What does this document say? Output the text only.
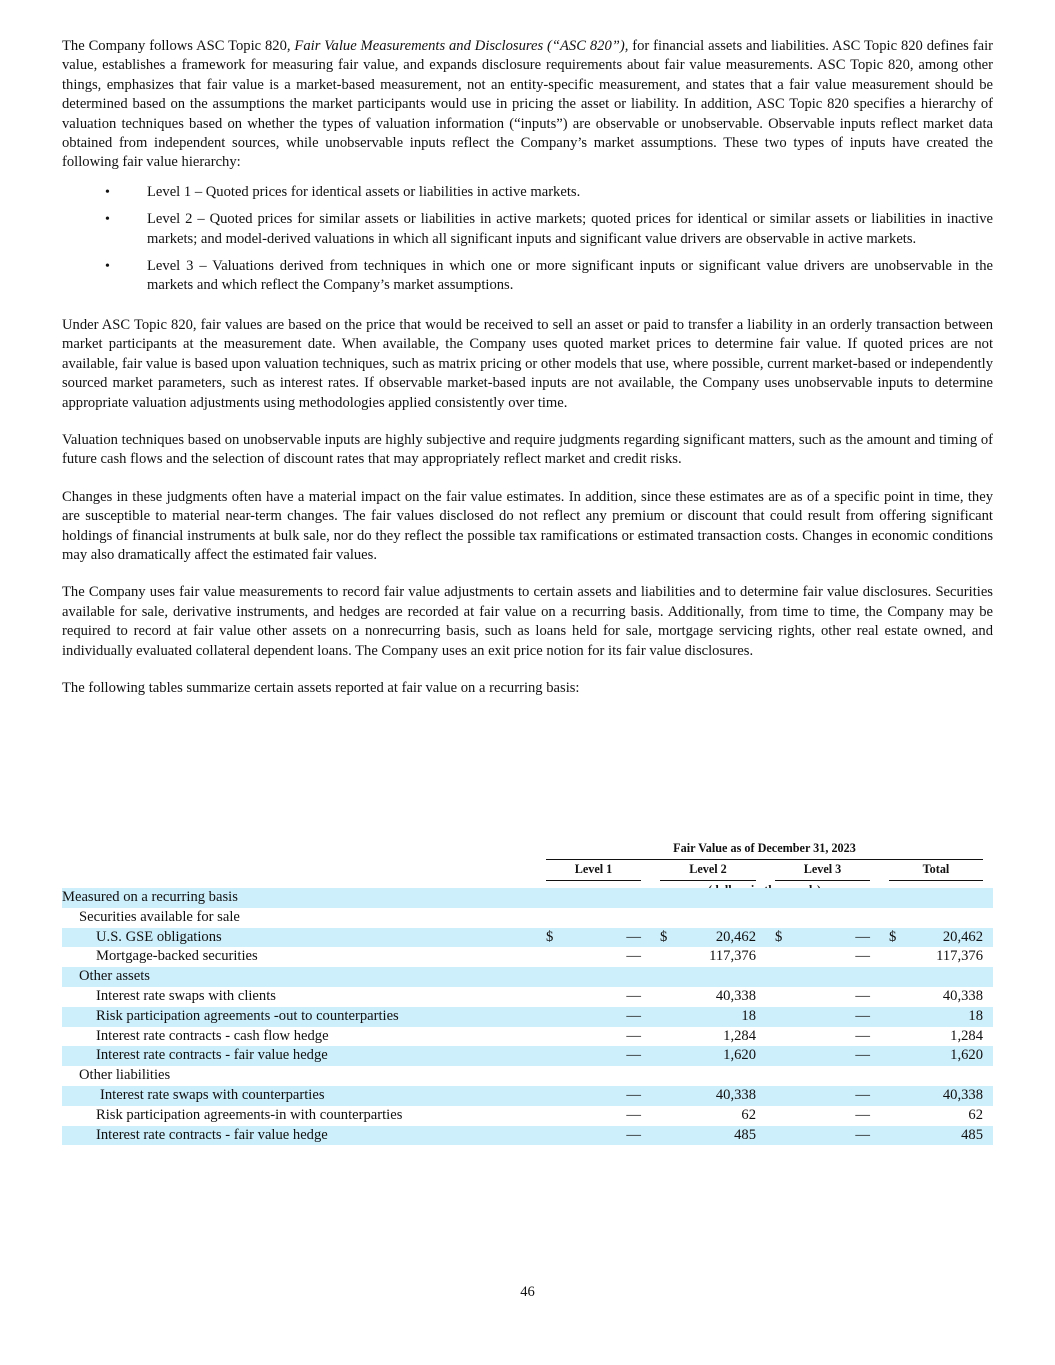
The Company follows ASC Topic 820, Fair Value Measurements and Disclosures (“ASC 820”), for financial assets and liabilities. ASC Topic 820 defines fair value, establishes a framework for measuring fair value, and expands disclosure requirements about fair value measurements. ASC Topic 820, among other things, emphasizes that fair value is a market-based measurement, not an entity-specific measurement, and states that a fair value measurement should be determined based on the assumptions the market participants would use in pricing the asset or liability. In addition, ASC Topic 820 specifies a hierarchy of valuation techniques based on whether the types of valuation information (“inputs”) are observable or unobservable. Observable inputs reflect market data obtained from independent sources, while unobservable inputs reflect the Company’s market assumptions. These two types of inputs have created the following fair value hierarchy:

•	Level 1 – Quoted prices for identical assets or liabilities in active markets.
•	Level 2 – Quoted prices for similar assets or liabilities in active markets; quoted prices for identical or similar assets or liabilities in inactive markets; and model-derived valuations in which all significant inputs and significant value drivers are observable in active markets.
•	Level 3 – Valuations derived from techniques in which one or more significant inputs or significant value drivers are unobservable in the markets and which reflect the Company’s market assumptions.

Under ASC Topic 820, fair values are based on the price that would be received to sell an asset or paid to transfer a liability in an orderly transaction between market participants at the measurement date. When available, the Company uses quoted market prices to determine fair value. If quoted prices are not available, fair value is based upon valuation techniques, such as matrix pricing or other models that use, where possible, current market-based or independently sourced market parameters, such as interest rates. If observable market-based inputs are not available, the Company uses unobservable inputs to determine appropriate valuation adjustments using methodologies applied consistently over time.

Valuation techniques based on unobservable inputs are highly subjective and require judgments regarding significant matters, such as the amount and timing of future cash flows and the selection of discount rates that may appropriately reflect market and credit risks.

Changes in these judgments often have a material impact on the fair value estimates. In addition, since these estimates are as of a specific point in time, they are susceptible to material near-term changes. The fair values disclosed do not reflect any premium or discount that could result from offering significant holdings of financial instruments at bulk sale, nor do they reflect the possible tax ramifications or estimated transaction costs. Changes in economic conditions may also dramatically affect the estimated fair values.

The Company uses fair value measurements to record fair value adjustments to certain assets and liabilities and to determine fair value disclosures. Securities available for sale, derivative instruments, and hedges are recorded at fair value on a recurring basis. Additionally, from time to time, the Company may be required to record at fair value other assets on a nonrecurring basis, such as loans held for sale, mortgage servicing rights, other real estate owned, and individually evaluated collateral dependent loans. The Company uses an exit price notion for its fair value disclosures.

The following tables summarize certain assets reported at fair value on a recurring basis:

	Fair Value as of December 31, 2023							
	Level 1		Level 2		Level 3		Total	

Measured on a recurring basis												
Securities available for sale												
U.S. GSE obligations	$	—		$	20,462		$	—		$	20,462	
Mortgage-backed securities		—			117,376			—			117,376	
Other assets												
Interest rate swaps with clients		—			40,338			—			40,338	
Risk participation agreements -out to counterparties		—			18			—			18	
Interest rate contracts - cash flow hedge		—			1,284			—			1,284	
Interest rate contracts - fair value hedge		—			1,620			—			1,620	
Other liabilities												
Interest rate swaps with counterparties		—			40,338			—			40,338	
Risk participation agreements-in with counterparties		—			62			—			62	
Interest rate contracts - fair value hedge		—			485			—			485	
46
